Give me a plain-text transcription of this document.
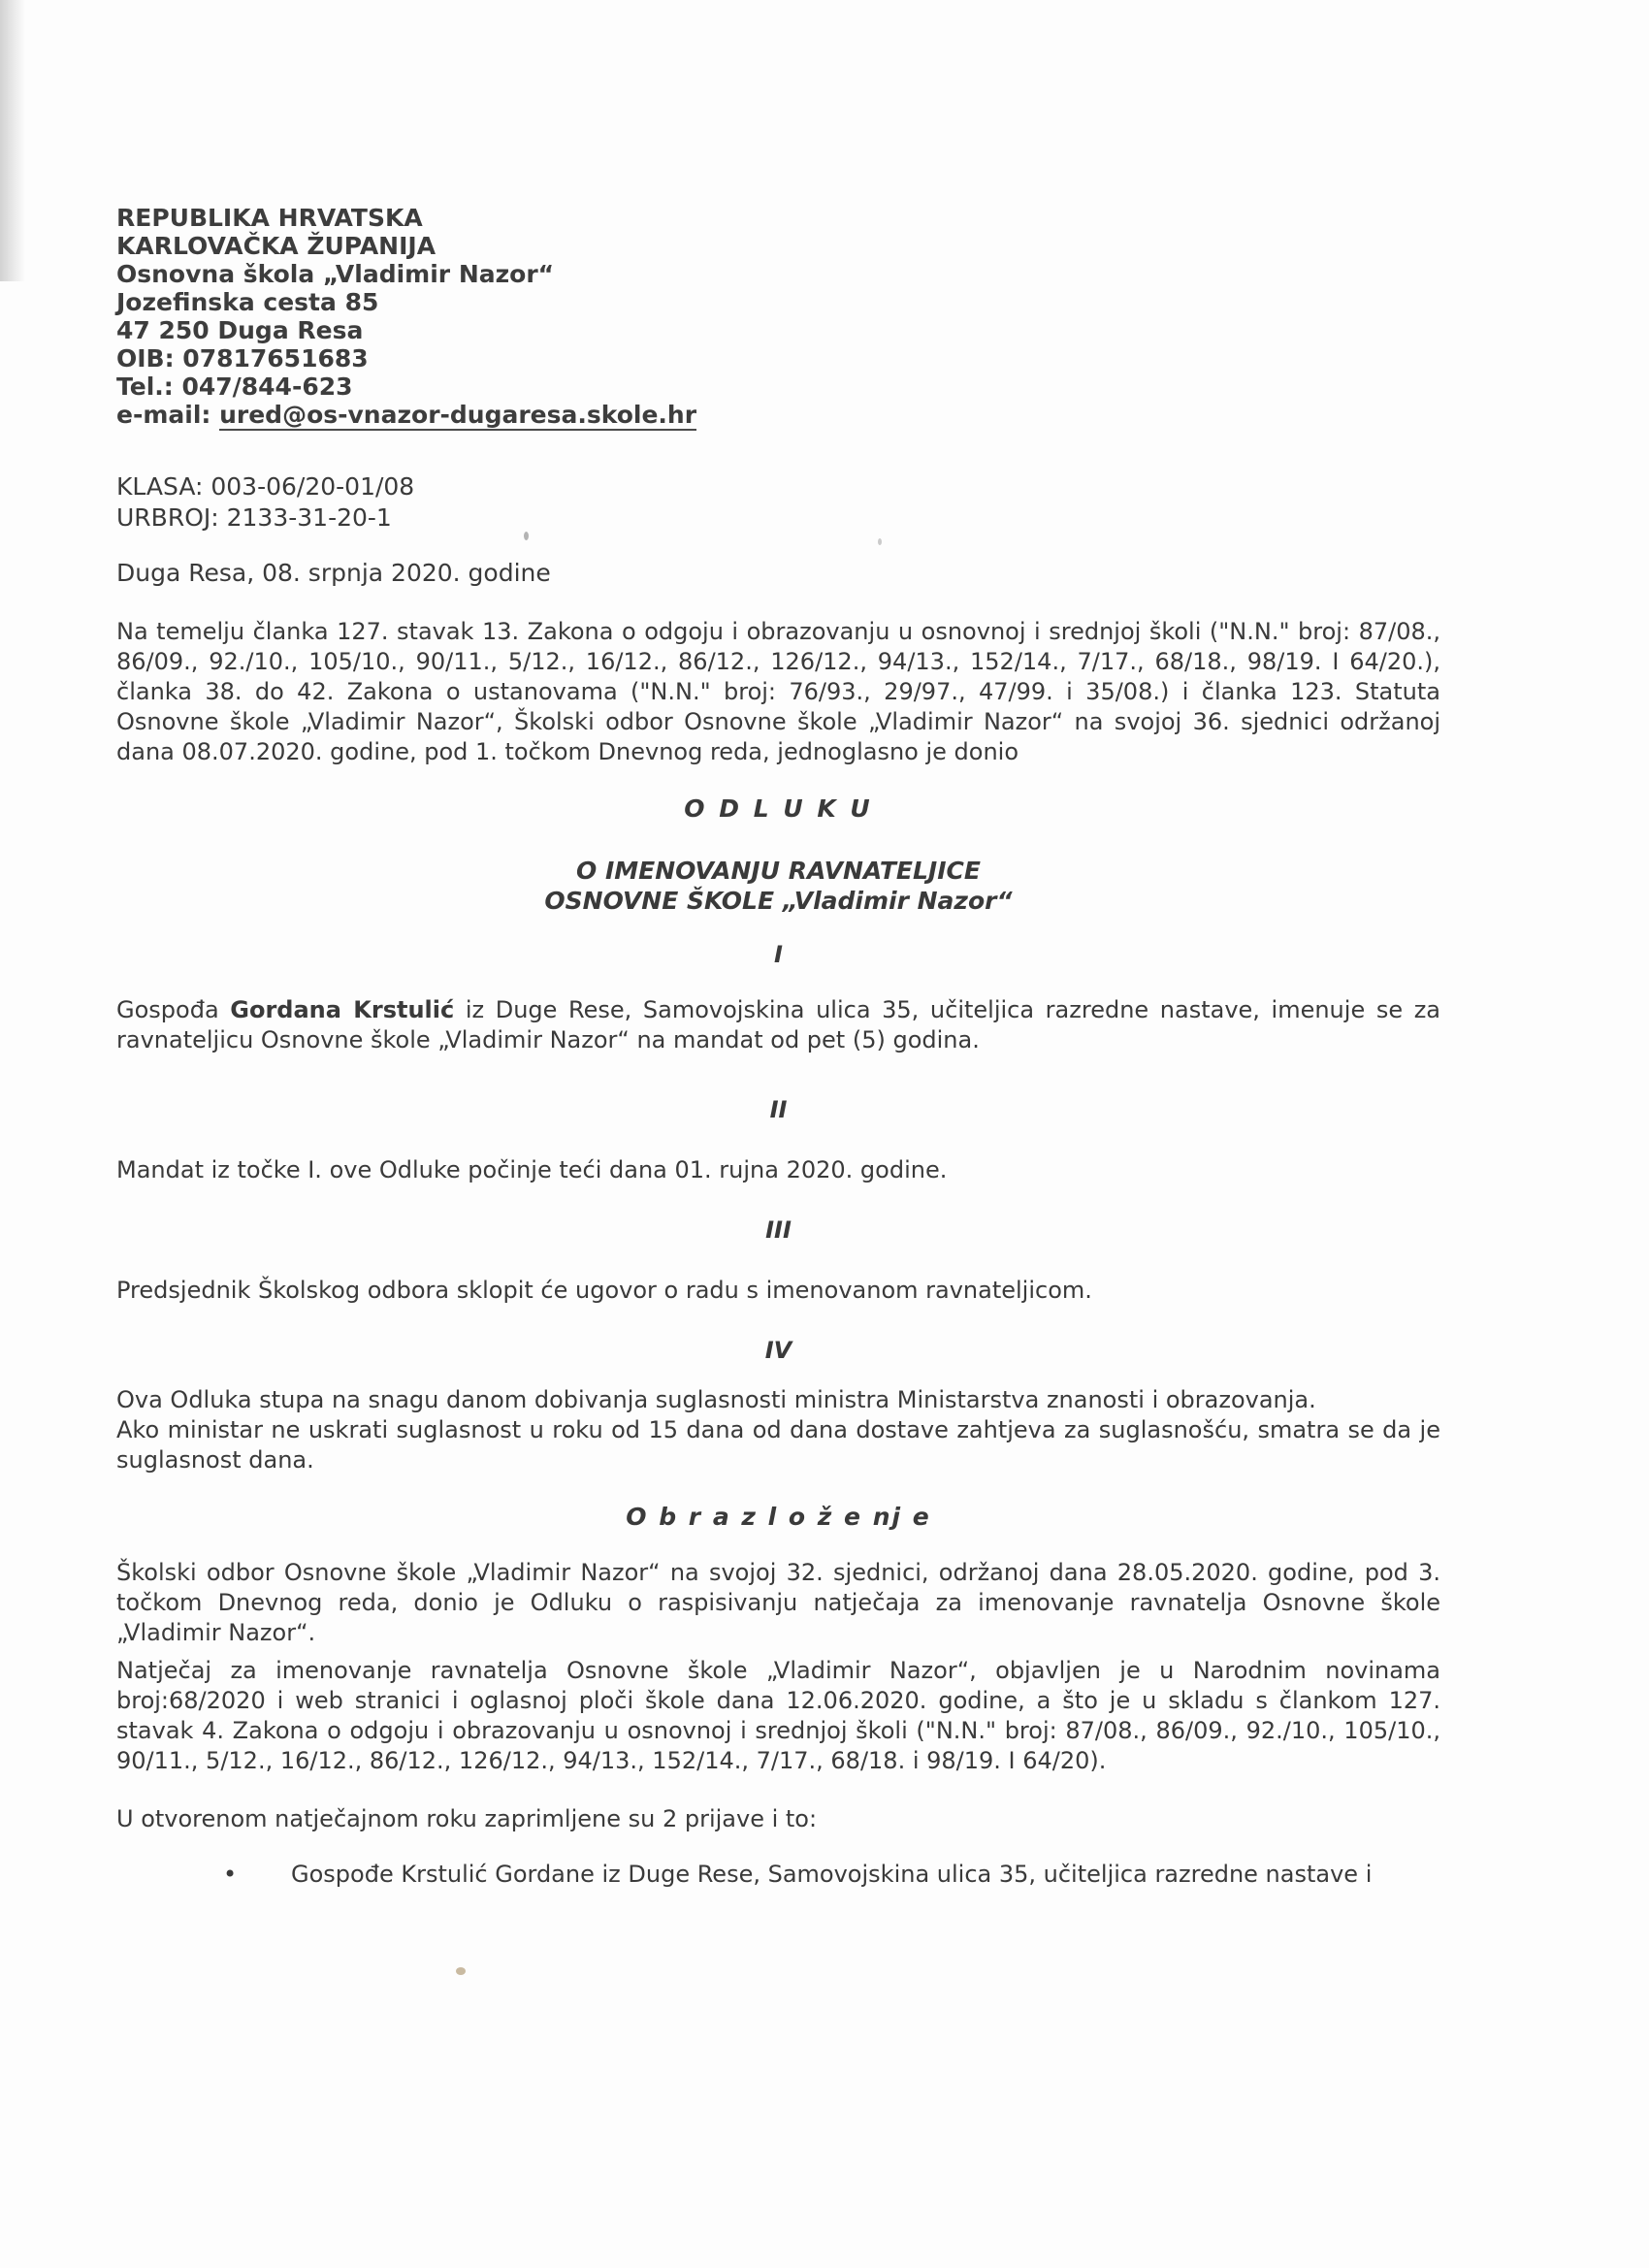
REPUBLIKA HRVATSKA
KARLOVAČKA ŽUPANIJA
Osnovna škola „Vladimir Nazor“
Jozefinska cesta 85
47 250 Duga Resa
OIB: 07817651683
Tel.: 047/844-623
e-mail: ured@os-vnazor-dugaresa.skole.hr
KLASA: 003-06/20-01/08
URBROJ: 2133-31-20-1
Duga Resa, 08. srpnja 2020. godine

Na temelju članka 127. stavak 13. Zakona o odgoju i obrazovanju u osnovnoj i srednjoj školi ("N.N." broj: 87/08., 86/09., 92./10., 105/10., 90/11., 5/12., 16/12., 86/12., 126/12., 94/13., 152/14., 7/17., 68/18., 98/19. I 64/20.), članka 38. do 42. Zakona o ustanovama ("N.N." broj: 76/93., 29/97., 47/99. i 35/08.) i članka 123. Statuta Osnovne škole „Vladimir Nazor“, Školski odbor Osnovne škole „Vladimir Nazor“ na svojoj 36. sjednici održanoj dana 08.07.2020. godine, pod 1. točkom Dnevnog reda, jednoglasno je donio

O D L U K U
O IMENOVANJU RAVNATELJICE
OSNOVNE ŠKOLE „Vladimir Nazor“
I

Gospođa Gordana Krstulić iz Duge Rese, Samovojskina ulica 35, učiteljica razredne nastave, imenuje se za ravnateljicu Osnovne škole „Vladimir Nazor“ na mandat od pet (5) godina.

II

Mandat iz točke I. ove Odluke počinje teći dana 01. rujna 2020. godine.

III

Predsjednik Školskog odbora sklopit će ugovor o radu s imenovanom ravnateljicom.

IV

Ova Odluka stupa na snagu danom dobivanja suglasnosti ministra Ministarstva znanosti i obrazovanja.

Ako ministar ne uskrati suglasnost u roku od 15 dana od dana dostave zahtjeva za suglasnošću, smatra se da je suglasnost dana.

O b r a z l o ž e nj e

Školski odbor Osnovne škole „Vladimir Nazor“ na svojoj 32. sjednici, održanoj dana 28.05.2020. godine, pod 3. točkom Dnevnog reda, donio je Odluku o raspisivanju natječaja za imenovanje ravnatelja Osnovne škole „Vladimir Nazor“.

Natječaj za imenovanje ravnatelja Osnovne škole „Vladimir Nazor“, objavljen je u Narodnim novinama broj:68/2020 i web stranici i oglasnoj ploči škole dana 12.06.2020. godine, a što je u skladu s člankom 127. stavak 4. Zakona o odgoju i obrazovanju u osnovnoj i srednjoj školi ("N.N." broj: 87/08., 86/09., 92./10., 105/10., 90/11., 5/12., 16/12., 86/12., 126/12., 94/13., 152/14., 7/17., 68/18. i 98/19. I 64/20).

U otvorenom natječajnom roku zaprimljene su 2 prijave i to:

•	Gospođe Krstulić Gordane iz Duge Rese, Samovojskina ulica 35, učiteljica razredne nastave i
